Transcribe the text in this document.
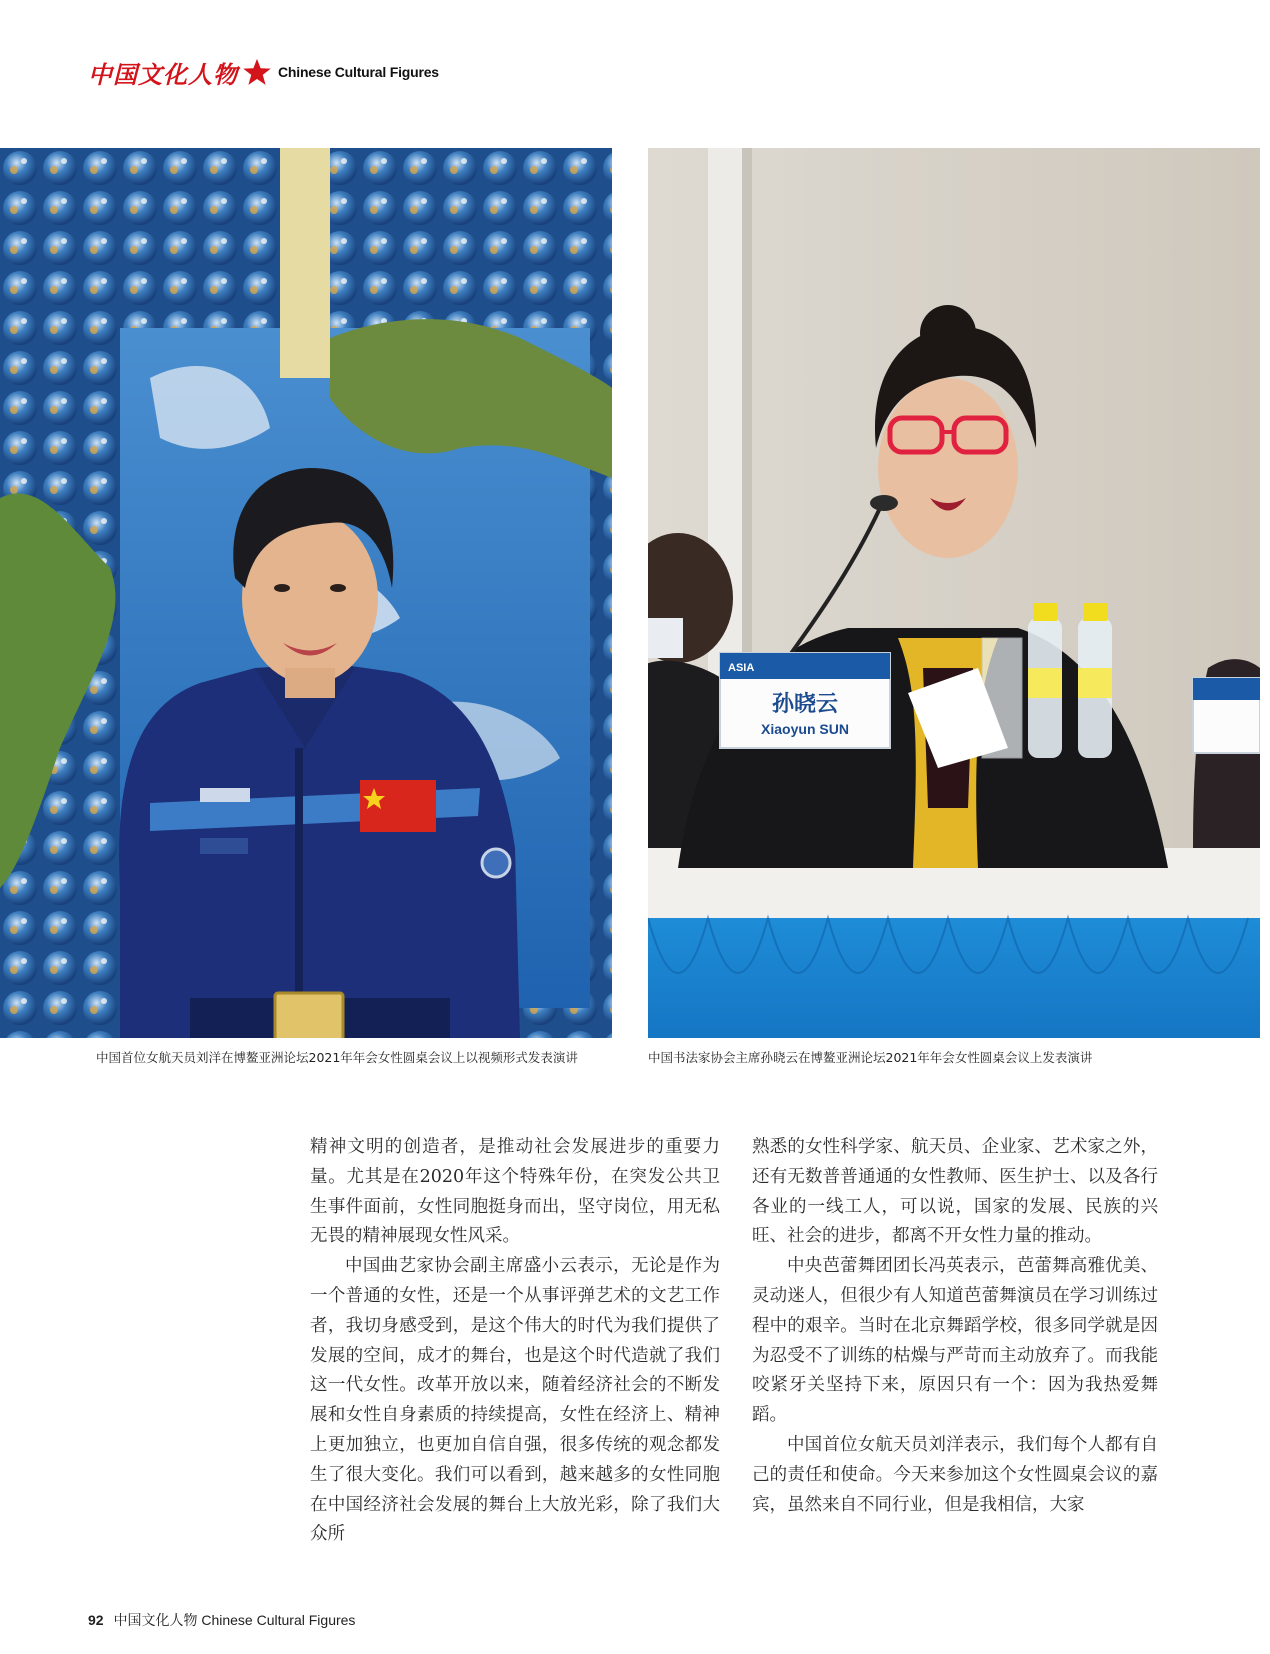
中国文化人物	Chinese Cultural Figures
ASIA
孙晓云
Xiaoyun SUN
中国首位女航天员刘洋在博鳌亚洲论坛2021年年会女性圆桌会议上以视频形式发表演讲	中国书法家协会主席孙晓云在博鳌亚洲论坛2021年年会女性圆桌会议上发表演讲

精神文明的创造者，是推动社会发展进步的重要力量。尤其是在2020年这个特殊年份，在突发公共卫生事件面前，女性同胞挺身而出，坚守岗位，用无私无畏的精神展现女性风采。

中国曲艺家协会副主席盛小云表示，无论是作为一个普通的女性，还是一个从事评弹艺术的文艺工作者，我切身感受到，是这个伟大的时代为我们提供了发展的空间，成才的舞台，也是这个时代造就了我们这一代女性。改革开放以来，随着经济社会的不断发展和女性自身素质的持续提高，女性在经济上、精神上更加独立，也更加自信自强，很多传统的观念都发生了很大变化。我们可以看到，越来越多的女性同胞在中国经济社会发展的舞台上大放光彩，除了我们大众所

熟悉的女性科学家、航天员、企业家、艺术家之外，还有无数普普通通的女性教师、医生护士、以及各行各业的一线工人，可以说，国家的发展、民族的兴旺、社会的进步，都离不开女性力量的推动。

中央芭蕾舞团团长冯英表示，芭蕾舞高雅优美、灵动迷人，但很少有人知道芭蕾舞演员在学习训练过程中的艰辛。当时在北京舞蹈学校，很多同学就是因为忍受不了训练的枯燥与严苛而主动放弃了。而我能咬紧牙关坚持下来，原因只有一个：因为我热爱舞蹈。

中国首位女航天员刘洋表示，我们每个人都有自己的责任和使命。今天来参加这个女性圆桌会议的嘉宾，虽然来自不同行业，但是我相信，大家

92 中国文化人物 Chinese Cultural Figures
